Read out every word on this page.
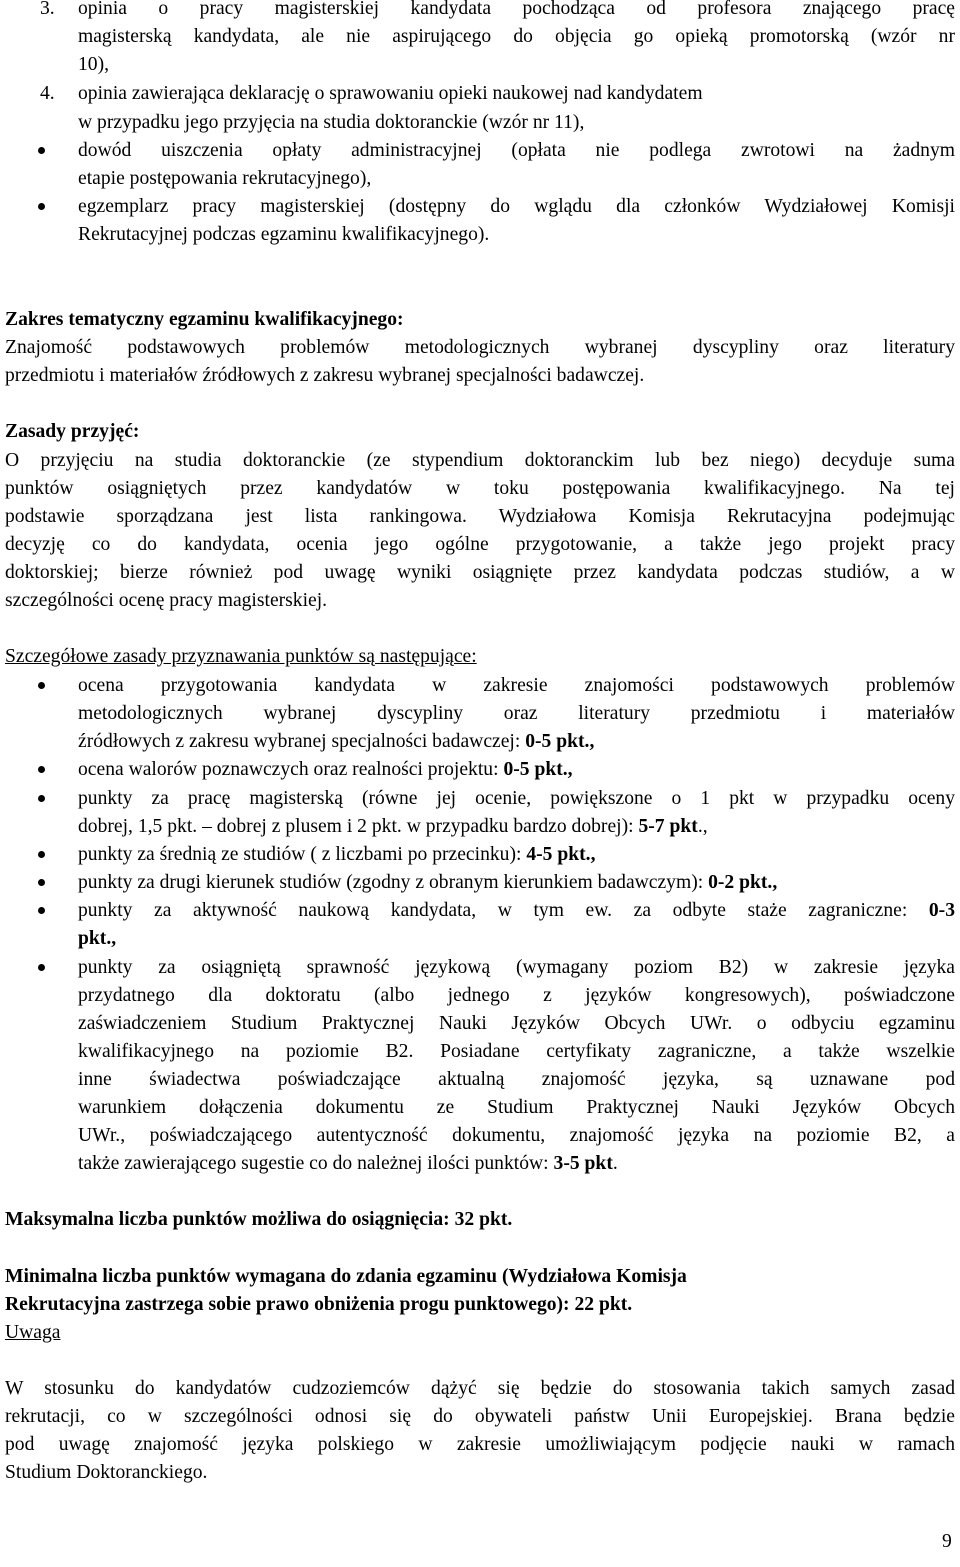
3. opinia o pracy magisterskiej kandydata pochodząca od profesora znającego pracę
magisterską kandydata, ale nie aspirującego do objęcia go opieką promotorską (wzór nr
10),
4. opinia zawierająca deklarację o sprawowaniu opieki naukowej nad kandydatem
w przypadku jego przyjęcia na studia doktoranckie (wzór nr 11),
dowód uiszczenia opłaty administracyjnej (opłata nie podlega zwrotowi na żadnym
etapie postępowania rekrutacyjnego),
egzemplarz pracy magisterskiej (dostępny do wglądu dla członków Wydziałowej Komisji
Rekrutacyjnej podczas egzaminu kwalifikacyjnego).
Zakres tematyczny egzaminu kwalifikacyjnego:
Znajomość podstawowych problemów metodologicznych wybranej dyscypliny oraz literatury
przedmiotu i materiałów źródłowych z zakresu wybranej specjalności badawczej.
Zasady przyjęć:
O przyjęciu na studia doktoranckie (ze stypendium doktoranckim lub bez niego) decyduje suma
punktów osiągniętych przez kandydatów w toku postępowania kwalifikacyjnego. Na tej
podstawie sporządzana jest lista rankingowa. Wydziałowa Komisja Rekrutacyjna podejmując
decyzję co do kandydata, ocenia jego ogólne przygotowanie, a także jego projekt pracy
doktorskiej; bierze również pod uwagę wyniki osiągnięte przez kandydata podczas studiów, a w
szczególności ocenę pracy magisterskiej.
Szczegółowe zasady przyznawania punktów są następujące:
ocena przygotowania kandydata w zakresie znajomości podstawowych problemów
metodologicznych wybranej dyscypliny oraz literatury przedmiotu i materiałów
źródłowych z zakresu wybranej specjalności badawczej: 0-5 pkt.,
ocena walorów poznawczych oraz realności projektu: 0-5 pkt.,
punkty za pracę magisterską (równe jej ocenie, powiększone o 1 pkt w przypadku oceny
dobrej, 1,5 pkt. – dobrej z plusem i 2 pkt. w przypadku bardzo dobrej): 5-7 pkt.,
punkty za średnią ze studiów ( z liczbami po przecinku): 4-5 pkt.,
punkty za drugi kierunek studiów (zgodny z obranym kierunkiem badawczym): 0-2 pkt.,
punkty za aktywność naukową kandydata, w tym ew. za odbyte staże zagraniczne: 0-3
pkt.,
punkty za osiągniętą sprawność językową (wymagany poziom B2) w zakresie języka
przydatnego dla doktoratu (albo jednego z języków kongresowych), poświadczone
zaświadczeniem Studium Praktycznej Nauki Języków Obcych UWr. o odbyciu egzaminu
kwalifikacyjnego na poziomie B2. Posiadane certyfikaty zagraniczne, a także wszelkie
inne świadectwa poświadczające aktualną znajomość języka, są uznawane pod
warunkiem dołączenia dokumentu ze Studium Praktycznej Nauki Języków Obcych
UWr., poświadczającego autentyczność dokumentu, znajomość języka na poziomie B2, a
także zawierającego sugestie co do należnej ilości punktów: 3-5 pkt.
Maksymalna liczba punktów możliwa do osiągnięcia: 32 pkt.
Minimalna liczba punktów wymagana do zdania egzaminu (Wydziałowa Komisja
Rekrutacyjna zastrzega sobie prawo obniżenia progu punktowego): 22 pkt.
Uwaga
W stosunku do kandydatów cudzoziemców dążyć się będzie do stosowania takich samych zasad
rekrutacji, co w szczególności odnosi się do obywateli państw Unii Europejskiej. Brana będzie
pod uwagę znajomość języka polskiego w zakresie umożliwiającym podjęcie nauki w ramach
Studium Doktoranckiego.
9
